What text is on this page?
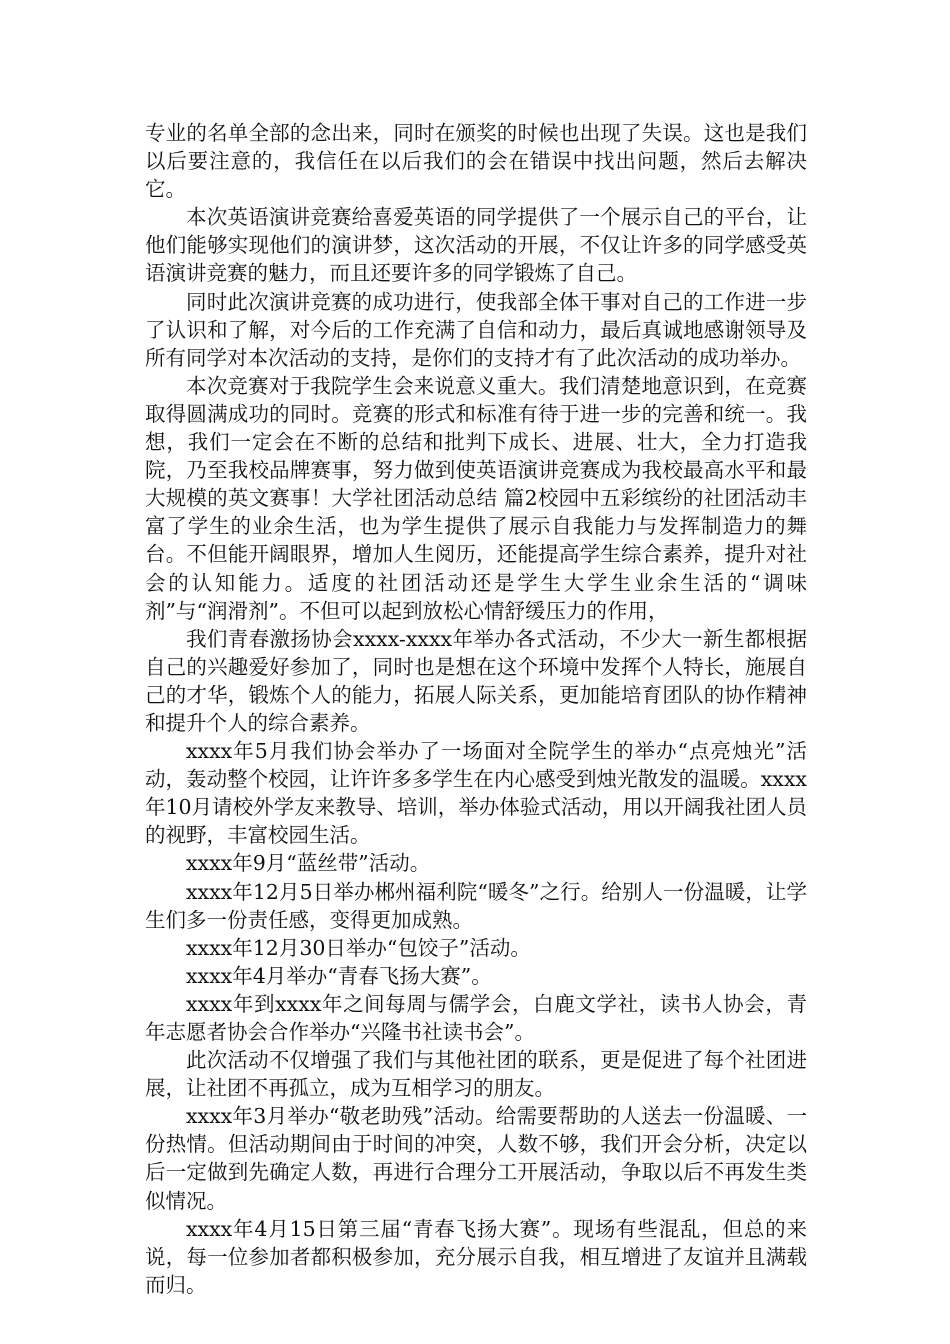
专业的名单全部的念出来，同时在颁奖的时候也出现了失误。这也是我们以后要注意的，我信任在以后我们的会在错误中找出问题，然后去解决它。

本次英语演讲竞赛给喜爱英语的同学提供了一个展示自己的平台，让他们能够实现他们的演讲梦，这次活动的开展，不仅让许多的同学感受英语演讲竞赛的魅力，而且还要许多的同学锻炼了自己。

同时此次演讲竞赛的成功进行，使我部全体干事对自己的工作进一步了认识和了解，对今后的工作充满了自信和动力，最后真诚地感谢领导及所有同学对本次活动的支持，是你们的支持才有了此次活动的成功举办。

本次竞赛对于我院学生会来说意义重大。我们清楚地意识到，在竞赛取得圆满成功的同时。竞赛的形式和标准有待于进一步的完善和统一。我想，我们一定会在不断的总结和批判下成长、进展、壮大，全力打造我院，乃至我校品牌赛事，努力做到使英语演讲竞赛成为我校最高水平和最大规模的英文赛事！大学社团活动总结 篇2校园中五彩缤纷的社团活动丰富了学生的业余生活，也为学生提供了展示自我能力与发挥制造力的舞台。不但能开阔眼界，增加人生阅历，还能提高学生综合素养，提升对社会的认知能力。适度的社团活动还是学生大学生业余生活的“调味剂”与“润滑剂”。不但可以起到放松心情舒缓压力的作用，

我们青春激扬协会xxxx-xxxx年举办各式活动，不少大一新生都根据自己的兴趣爱好参加了，同时也是想在这个环境中发挥个人特长，施展自己的才华，锻炼个人的能力，拓展人际关系，更加能培育团队的协作精神和提升个人的综合素养。

xxxx年5月我们协会举办了一场面对全院学生的举办“点亮烛光”活动，轰动整个校园，让许许多多学生在内心感受到烛光散发的温暖。xxxx年10月请校外学友来教导、培训，举办体验式活动，用以开阔我社团人员的视野，丰富校园生活。

xxxx年9月“蓝丝带”活动。

xxxx年12月5日举办郴州福利院“暖冬”之行。给别人一份温暖，让学生们多一份责任感，变得更加成熟。

xxxx年12月30日举办“包饺子”活动。

xxxx年4月举办“青春飞扬大赛”。

xxxx年到xxxx年之间每周与儒学会，白鹿文学社，读书人协会，青年志愿者协会合作举办“兴隆书社读书会”。

此次活动不仅增强了我们与其他社团的联系，更是促进了每个社团进展，让社团不再孤立，成为互相学习的朋友。

xxxx年3月举办“敬老助残”活动。给需要帮助的人送去一份温暖、一份热情。但活动期间由于时间的冲突，人数不够，我们开会分析，决定以后一定做到先确定人数，再进行合理分工开展活动，争取以后不再发生类似情况。

xxxx年4月15日第三届“青春飞扬大赛”。现场有些混乱，但总的来说，每一位参加者都积极参加，充分展示自我，相互增进了友谊并且满载而归。
